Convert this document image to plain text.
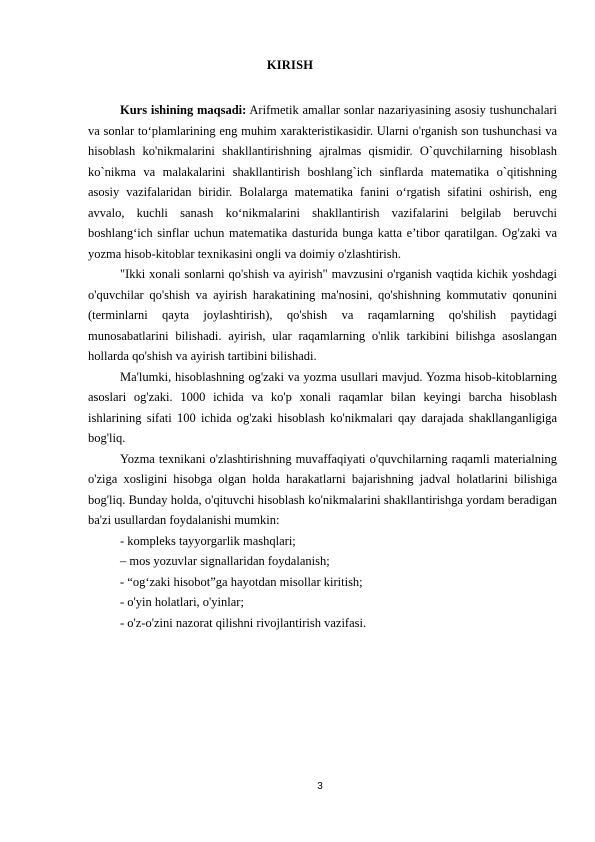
KIRISH

Kurs ishining maqsadi: Arifmetik amallar sonlar nazariyasining asosiy tushunchalari va sonlar to‘plamlarining eng muhim xarakteristikasidir. Ularni o'rganish son tushunchasi va hisoblash ko'nikmalarini shakllantirishning ajralmas qismidir. O`quvchilarning hisoblash ko`nikma va malakalarini shakllantirish boshlang`ich sinflarda matematika o`qitishning asosiy vazifalaridan biridir. Bolalarga matematika fanini o‘rgatish sifatini oshirish, eng avvalo, kuchli sanash ko‘nikmalarini shakllantirish vazifalarini belgilab beruvchi boshlang‘ich sinflar uchun matematika dasturida bunga katta e’tibor qaratilgan. Og'zaki va yozma hisob-kitoblar texnikasini ongli va doimiy o'zlashtirish.

"Ikki xonali sonlarni qo'shish va ayirish" mavzusini o'rganish vaqtida kichik yoshdagi o'quvchilar qo'shish va ayirish harakatining ma'nosini, qo'shishning kommutativ qonunini (terminlarni qayta joylashtirish), qo'shish va raqamlarning qo'shilish paytidagi munosabatlarini bilishadi. ayirish, ular raqamlarning o'nlik tarkibini bilishga asoslangan hollarda qo'shish va ayirish tartibini bilishadi.

Ma'lumki, hisoblashning og'zaki va yozma usullari mavjud. Yozma hisob-kitoblarning asoslari og'zaki. 1000 ichida va ko'p xonali raqamlar bilan keyingi barcha hisoblash ishlarining sifati 100 ichida og'zaki hisoblash ko'nikmalari qay darajada shakllanganligiga bog'liq.

Yozma texnikani o'zlashtirishning muvaffaqiyati o'quvchilarning raqamli materialning o'ziga xosligini hisobga olgan holda harakatlarni bajarishning jadval holatlarini bilishiga bog'liq. Bunday holda, o'qituvchi hisoblash ko'nikmalarini shakllantirishga yordam beradigan ba'zi usullardan foydalanishi mumkin:

- kompleks tayyorgarlik mashqlari;

– mos yozuvlar signallaridan foydalanish;

- “og‘zaki hisobot”ga hayotdan misollar kiritish;

- o'yin holatlari, o'yinlar;

- o'z-o'zini nazorat qilishni rivojlantirish vazifasi.

3
